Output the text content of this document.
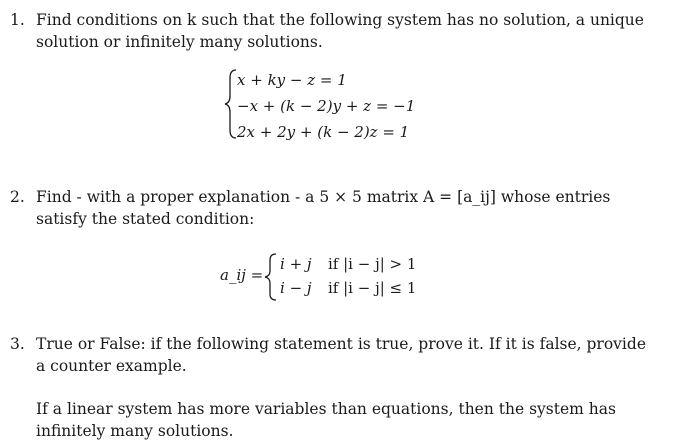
1. Find conditions on k such that the following system has no solution, a unique
solution or infinitely many solutions.
x + ky − z = 1
−x + (k − 2)y + z = −1
2x + 2y + (k − 2)z = 1
2. Find - with a proper explanation - a 5 × 5 matrix A = [a_ij] whose entries
satisfy the stated condition:
a_ij =
i + j if |i − j| > 1
i − j if |i − j| ≤ 1
3. True or False: if the following statement is true, prove it. If it is false, provide
a counter example.
If a linear system has more variables than equations, then the system has
infinitely many solutions.
